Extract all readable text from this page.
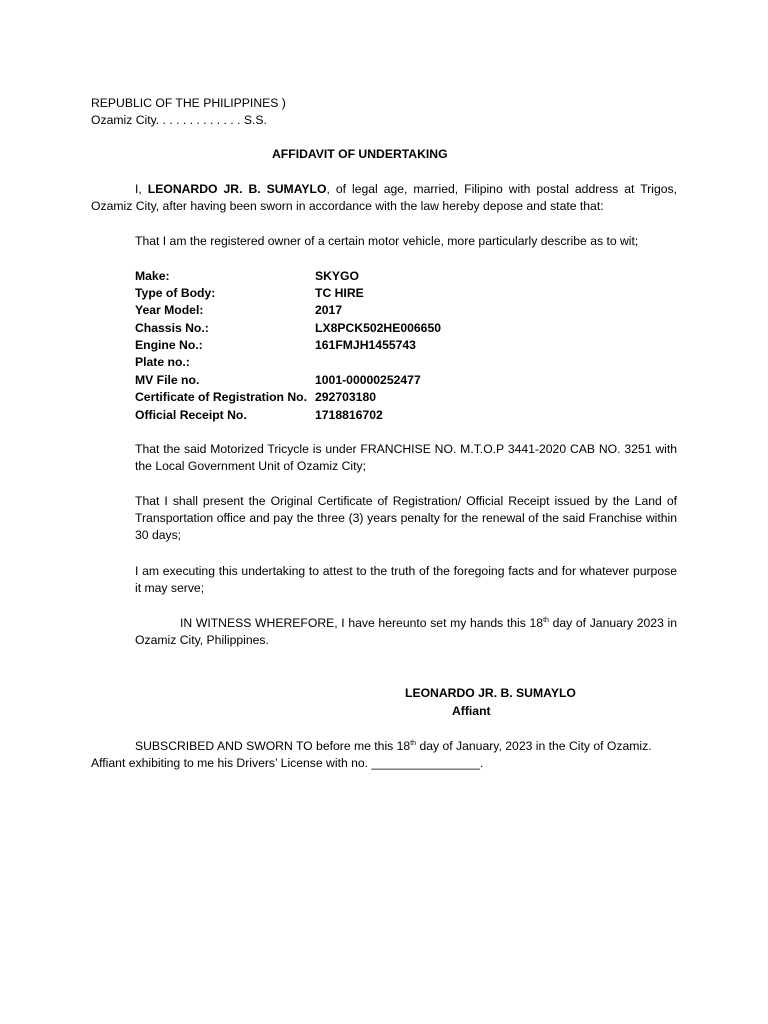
REPUBLIC OF THE PHILIPPINES )
Ozamiz City. . . . . . . . . . . . . S.S.
AFFIDAVIT OF UNDERTAKING
I, LEONARDO JR. B. SUMAYLO, of legal age, married, Filipino with postal address at Trigos, Ozamiz City, after having been sworn in accordance with the law hereby depose and state that:
That I am the registered owner of a certain motor vehicle, more particularly describe as to wit;
Make:	SKYGO
Type of Body:	TC HIRE
Year Model:	2017
Chassis No.:	LX8PCK502HE006650
Engine No.:	161FMJH1455743
Plate no.:
MV File no.	1001-00000252477
Certificate of Registration No. 292703180
Official Receipt No.	1718816702
That the said Motorized Tricycle is under FRANCHISE NO. M.T.O.P 3441-2020 CAB NO. 3251 with the Local Government Unit of Ozamiz City;
That I shall present the Original Certificate of Registration/ Official Receipt issued by the Land of Transportation office and pay the three (3) years penalty for the renewal of the said Franchise within 30 days;
I am executing this undertaking to attest to the truth of the foregoing facts and for whatever purpose it may serve;
IN WITNESS WHEREFORE, I have hereunto set my hands this 18th day of January 2023 in Ozamiz City, Philippines.
LEONARDO JR. B. SUMAYLO
Affiant
SUBSCRIBED AND SWORN TO before me this 18th day of January, 2023 in the City of Ozamiz.
Affiant exhibiting to me his Drivers’ License with no. ________________.
